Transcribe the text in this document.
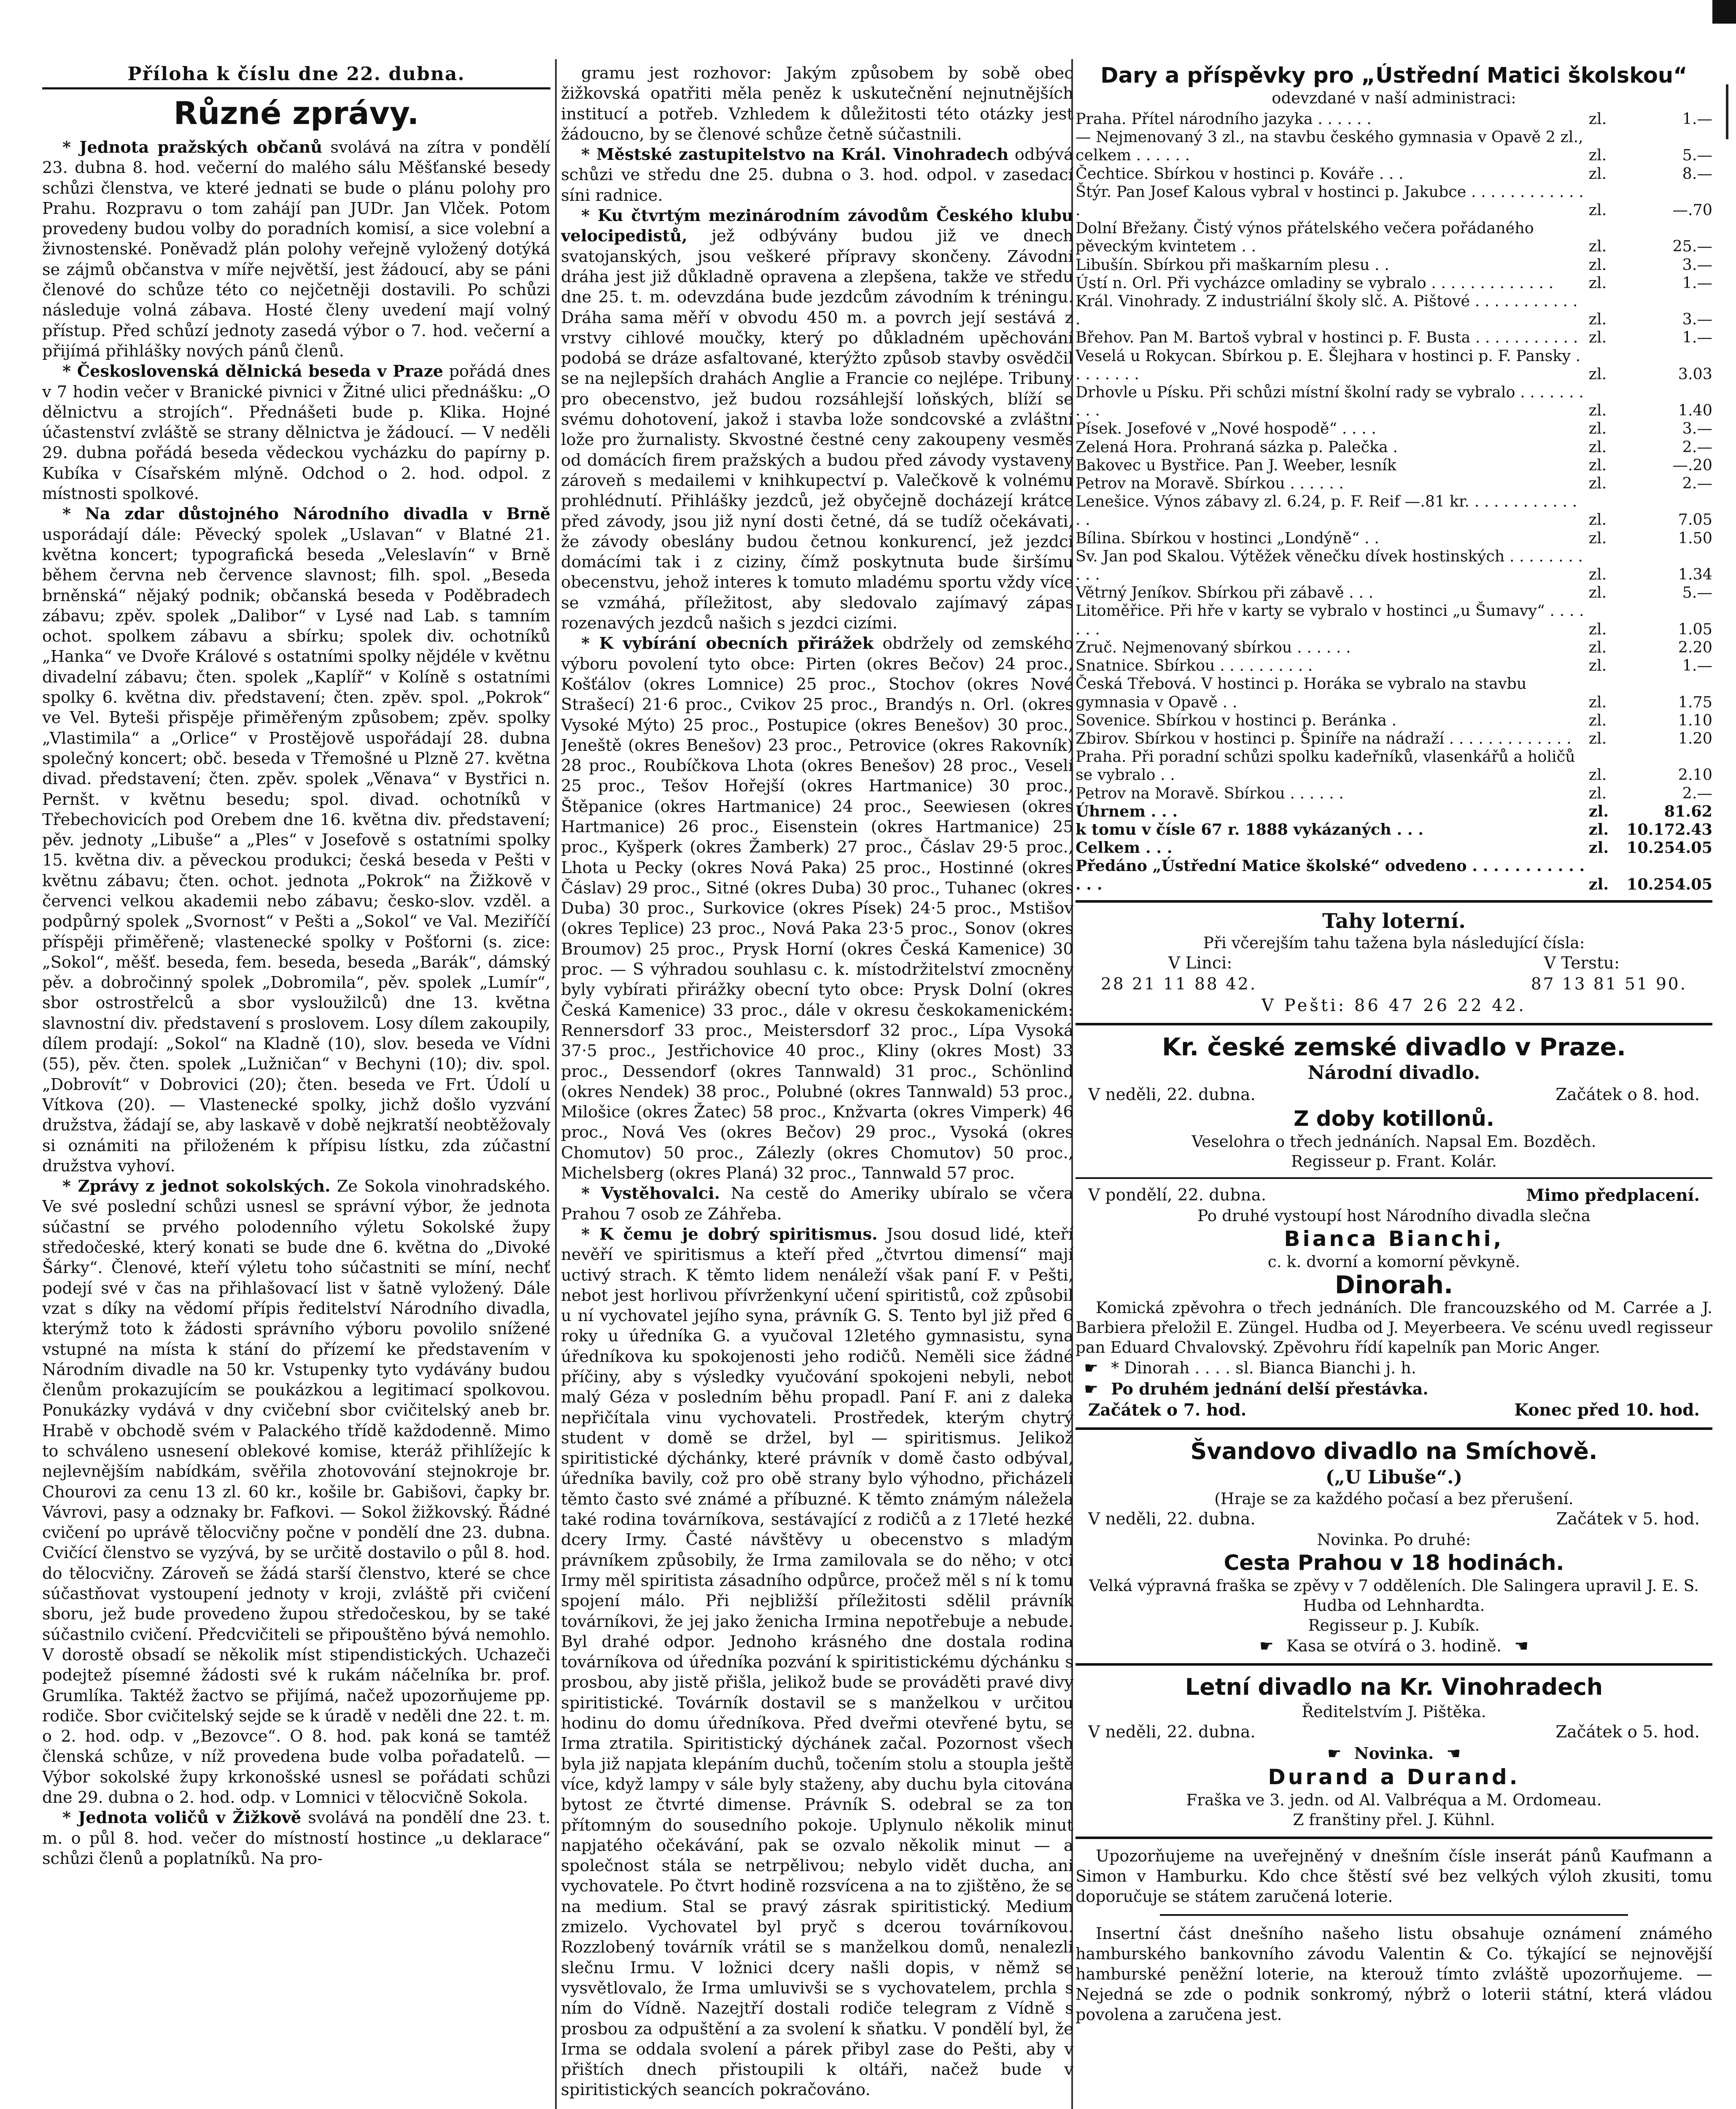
Příloha k číslu dne 22. dubna.
Různé zprávy.

* Jednota pražských občanů svolává na zítra v pondělí 23. dubna 8. hod. večerní do malého sálu Měšťanské besedy schůzi členstva, ve které jednati se bude o plánu polohy pro Prahu. Rozpravu o tom zahájí pan JUDr. Jan Vlček. Potom provedeny budou volby do poradních komisí, a sice volební a živnostenské. Poněvadž plán polohy veřejně vyložený dotýká se zájmů občanstva v míře největší, jest žádoucí, aby se páni členové do schůze této co nejčetněji dostavili. Po schůzi následuje volná zábava. Hosté členy uvedení mají volný přístup. Před schůzí jednoty zasedá výbor o 7. hod. večerní a přijímá přihlášky nových pánů členů.

* Československá dělnická beseda v Praze pořádá dnes v 7 hodin večer v Branické pivnici v Žitné ulici přednášku: „O dělnictvu a strojích“. Přednášeti bude p. Klika. Hojné účastenství zvláště se strany dělnictva je žádoucí. — V neděli 29. dubna pořádá beseda vědeckou vycházku do papírny p. Kubíka v Císařském mlýně. Odchod o 2. hod. odpol. z místnosti spolkové.

* Na zdar důstojného Národního divadla v Brně usporádají dále: Pěvecký spolek „Uslavan“ v Blatné 21. května koncert; typografická beseda „Veleslavín“ v Brně během června neb července slavnost; filh. spol. „Beseda brněnská“ nějaký podnik; občanská beseda v Poděbradech zábavu; zpěv. spolek „Dalibor“ v Lysé nad Lab. s tamním ochot. spolkem zábavu a sbírku; spolek div. ochotníků „Hanka“ ve Dvoře Králové s ostatními spolky nějdéle v květnu divadelní zábavu; čten. spolek „Kaplíř“ v Kolíně s ostatními spolky 6. května div. představení; čten. zpěv. spol. „Pokrok“ ve Vel. Byteši přispěje přiměřeným způsobem; zpěv. spolky „Vlastimila“ a „Orlice“ v Prostějově uspořádají 28. dubna společný koncert; obč. beseda v Třemošné u Plzně 27. května divad. představení; čten. zpěv. spolek „Věnava“ v Bystřici n. Pernšt. v květnu besedu; spol. divad. ochotníků v Třebechovicích pod Orebem dne 16. května div. představení; pěv. jednoty „Libuše“ a „Ples“ v Josefově s ostatními spolky 15. května div. a pěveckou produkci; česká beseda v Pešti v květnu zábavu; čten. ochot. jednota „Pokrok“ na Žižkově v červenci velkou akademii nebo zábavu; česko-slov. vzděl. a podpůrný spolek „Svornost“ v Pešti a „Sokol“ ve Val. Meziříčí příspěji přiměřeně; vlastenecké spolky v Pošťorni (s. zice: „Sokol“, měšť. beseda, fem. beseda, beseda „Barák“, dámský pěv. a dobročinný spolek „Dobromila“, pěv. spolek „Lumír“, sbor ostrostřelců a sbor vysloužilců) dne 13. května slavnostní div. představení s proslovem. Losy dílem zakoupily, dílem prodají: „Sokol“ na Kladně (10), slov. beseda ve Vídni (55), pěv. čten. spolek „Lužničan“ v Bechyni (10); div. spol. „Dobrovít“ v Dobrovici (20); čten. beseda ve Frt. Údolí u Vítkova (20). — Vlastenecké spolky, jichž došlo vyzvání družstva, žádají se, aby laskavě v době nejkratší neobtěžovaly si oznámiti na přiloženém k přípisu lístku, zda zúčastní družstva vyhoví.

* Zprávy z jednot sokolských. Ze Sokola vinohradského. Ve své poslední schůzi usnesl se správní výbor, že jednota súčastní se prvého polodenního výletu Sokolské župy středočeské, který konati se bude dne 6. května do „Divoké Šárky“. Členové, kteří výletu toho súčastniti se míní, nechť podejí své v čas na přihlašovací list v šatně vyložený. Dále vzat s díky na vědomí přípis ředitelství Národního divadla, kterýmž toto k žádosti správního výboru povolilo snížené vstupné na místa k stání do přízemí ke představením v Národním divadle na 50 kr. Vstupenky tyto vydávány budou členům prokazujícím se poukázkou a legitimací spolkovou. Ponukázky vydává v dny cvičební sbor cvičitelský aneb br. Hrabě v obchodě svém v Palackého třídě každodenně. Mimo to schváleno usnesení oblekové komise, kteráž přihlížejíc k nejlevnějším nabídkám, svěřila zhotovování stejnokroje br. Chourovi za cenu 13 zl. 60 kr., košile br. Gabišovi, čapky br. Vávrovi, pasy a odznaky br. Fafkovi. — Sokol žižkovský. Řádné cvičení po uprávě tělocvičny počne v pondělí dne 23. dubna. Cvičící členstvo se vyzývá, by se určitě dostavilo o půl 8. hod. do tělocvičny. Zároveň se žádá starší členstvo, které se chce súčastňovat vystoupení jednoty v kroji, zvláště při cvičení sboru, jež bude provedeno župou středočeskou, by se také súčastnilo cvičení. Předcvičiteli se připouštěno bývá nemohlo. V dorostě obsadí se několik míst stipendistických. Uchazeči podejtež písemné žádosti své k rukám náčelníka br. prof. Grumlíka. Taktéž žactvo se přijímá, načež upozorňujeme pp. rodiče. Sbor cvičitelský sejde se k úradě v neděli dne 22. t. m. o 2. hod. odp. v „Bezovce“. O 8. hod. pak koná se tamtéž členská schůze, v níž provedena bude volba pořadatelů. — Výbor sokolské župy krkonošské usnesl se pořádati schůzi dne 29. dubna o 2. hod. odp. v Lomnici v tělocvičně Sokola.

* Jednota voličů v Žižkově svolává na pondělí dne 23. t. m. o půl 8. hod. večer do místností hostince „u deklarace“ schůzi členů a poplatníků. Na pro-

gramu jest rozhovor: Jakým způsobem by sobě obec žižkovská opatřiti měla peněz k uskutečnění nejnutnějších institucí a potřeb. Vzhledem k důležitosti této otázky jest žádoucno, by se členové schůze četně súčastnili.

* Městské zastupitelstvo na Král. Vinohradech odbývá schůzi ve středu dne 25. dubna o 3. hod. odpol. v zasedací síni radnice.

* Ku čtvrtým mezinárodním závodům Českého klubu velocipedistů, jež odbývány budou již ve dnech svatojanských, jsou veškeré přípravy skončeny. Závodní dráha jest již důkladně opravena a zlepšena, takže ve středu dne 25. t. m. odevzdána bude jezdcům závodním k tréningu. Dráha sama měří v obvodu 450 m. a povrch její sestává z vrstvy cihlové moučky, který po důkladném upěchování podobá se dráze asfaltované, kterýžto způsob stavby osvědčil se na nejlepších drahách Anglie a Francie co nejlépe. Tribuny pro obecenstvo, jež budou rozsáhlejší loňských, blíží se svému dohotovení, jakož i stavba lože sondcovské a zvláštní lože pro žurnalisty. Skvostné čestné ceny zakoupeny vesměs od domácích firem pražských a budou před závody vystaveny zároveň s medailemi v knihkupectví p. Valečkově k volnému prohlédnutí. Přihlášky jezdců, jež obyčejně docházejí krátce před závody, jsou již nyní dosti četné, dá se tudíž očekávati, že závody obeslány budou četnou konkurencí, jež jezdci domácími tak i z ciziny, čímž poskytnuta bude širšímu obecenstvu, jehož interes k tomuto mladému sportu vždy více se vzmáhá, příležitost, aby sledovalo zajímavý zápas rozenavých jezdců našich s jezdci cizími.

* K vybírání obecních přirážek obdržely od zemského výboru povolení tyto obce: Pirten (okres Bečov) 24 proc., Košťálov (okres Lomnice) 25 proc., Stochov (okres Nové Strašecí) 21·6 proc., Cvikov 25 proc., Brandýs n. Orl. (okres Vysoké Mýto) 25 proc., Postupice (okres Benešov) 30 proc., Jeneště (okres Benešov) 23 proc., Petrovice (okres Rakovník) 28 proc., Roubíčkova Lhota (okres Benešov) 28 proc., Veselí 25 proc., Tešov Hořejší (okres Hartmanice) 30 proc., Štěpanice (okres Hartmanice) 24 proc., Seewiesen (okres Hartmanice) 26 proc., Eisenstein (okres Hartmanice) 25 proc., Kyšperk (okres Žamberk) 27 proc., Čáslav 29·5 proc., Lhota u Pecky (okres Nová Paka) 25 proc., Hostinné (okres Čáslav) 29 proc., Sitné (okres Duba) 30 proc., Tuhanec (okres Duba) 30 proc., Surkovice (okres Písek) 24·5 proc., Mstišov (okres Teplice) 23 proc., Nová Paka 23·5 proc., Sonov (okres Broumov) 25 proc., Prysk Horní (okres Česká Kamenice) 30 proc. — S výhradou souhlasu c. k. místodržitelství zmocněny byly vybírati přirážky obecní tyto obce: Prysk Dolní (okres Česká Kamenice) 33 proc., dále v okresu českokamenickém: Rennersdorf 33 proc., Meistersdorf 32 proc., Lípa Vysoká 37·5 proc., Jestřichovice 40 proc., Kliny (okres Most) 33 proc., Dessendorf (okres Tannwald) 31 proc., Schönlind (okres Nendek) 38 proc., Polubné (okres Tannwald) 53 proc., Milošice (okres Žatec) 58 proc., Knžvarta (okres Vimperk) 46 proc., Nová Ves (okres Bečov) 29 proc., Vysoká (okres Chomutov) 50 proc., Zálezly (okres Chomutov) 50 proc., Michelsberg (okres Planá) 32 proc., Tannwald 57 proc.

* Vystěhovalci. Na cestě do Ameriky ubíralo se včera Prahou 7 osob ze Záhřeba.

* K čemu je dobrý spiritismus. Jsou dosud lidé, kteří nevěří ve spiritismus a kteří před „čtvrtou dimensí“ mají uctivý strach. K těmto lidem nenáleží však paní F. v Pešti, nebot jest horlivou přívrženkyní učení spiritistů, což způsobil u ní vychovatel jejího syna, právník G. S. Tento byl již před 6 roky u úředníka G. a vyučoval 12letého gymnasistu, syna úředníkova ku spokojenosti jeho rodičů. Neměli sice žádné příčiny, aby s výsledky vyučování spokojeni nebyli, nebot malý Géza v posledním běhu propadl. Paní F. ani z daleka nepřičítala vinu vychovateli. Prostředek, kterým chytrý student v domě se držel, byl — spiritismus. Jelikož spiritistické dýchánky, které právník v domě často odbýval, úředníka bavily, což pro obě strany bylo výhodno, přicházeli těmto často své známé a příbuzné. K těmto známým náležela také rodina továrníkova, sestávající z rodičů a z 17leté hezké dcery Irmy. Časté návštěvy u obecenstvo s mladým právníkem způsobily, že Irma zamilovala se do něho; v otci Irmy měl spiritista zásadního odpůrce, pročež měl s ní k tomu spojení málo. Při nejbližší příležitosti sdělil právník továrníkovi, že jej jako ženicha Irmina nepotřebuje a nebude. Byl drahé odpor. Jednoho krásného dne dostala rodina továrníkova od úředníka pozvání k spiritistickému dýchánku s prosbou, aby jistě přišla, jelikož bude se prováděti pravé divy spiritistické. Továrník dostavil se s manželkou v určitou hodinu do domu úředníkova. Před dveřmi otevřené bytu, se Irma ztratila. Spiritistický dýchánek začal. Pozornost všech byla již napjata klepáním duchů, točením stolu a stoupla ještě více, když lampy v sále byly staženy, aby duchu byla citována bytost ze čtvrté dimense. Právník S. odebral se za ton přítomným do sousedního pokoje. Uplynulo několik minut napjatého očekávání, pak se ozvalo několik minut — a společnost stála se netrpělivou; nebylo vidět ducha, ani vychovatele. Po čtvrt hodině rozsvícena a na to zjištěno, že se na medium. Stal se pravý zásrak spiritistický. Medium zmizelo. Vychovatel byl pryč s dcerou továrníkovou. Rozzlobený továrník vrátil se s manželkou domů, nenalezli slečnu Irmu. V ložnici dcery našli dopis, v němž se vysvětlovalo, že Irma umluvivši se s vychovatelem, prchla s ním do Vídně. Nazejtří dostali rodiče telegram z Vídně s prosbou za odpuštění a za svolení k sňatku. V pondělí byl, že Irma se oddala svolení a párek přibyl zase do Pešti, aby v přištích dnech přistoupili k oltáři, načež bude v spiritistických seancích pokračováno.

Dary a příspěvky pro „Ústřední Matici školskou“
odevzdané v naší administraci:
Praha. Přítel národního jazyka . . . . . .	zl.	1.—
— Nejmenovaný 3 zl., na stavbu českého gymnasia v Opavě 2 zl., celkem . . . . . .	zl.	5.—
Čechtice. Sbírkou v hostinci p. Kováře . . .	zl.	8.—
Štýr. Pan Josef Kalous vybral v hostinci p. Jakubce . . . . . . . . . . . . .	zl.	—.70
Dolní Břežany. Čistý výnos přátelského večera pořádaného pěveckým kvintetem . .	zl.	25.—
Libušín. Sbírkou při maškarním plesu . .	zl.	3.—
Ústí n. Orl. Při vycházce omladiny se vybralo . . . . . . . . . . . . .	zl.	1.—
Král. Vinohrady. Z industriální školy slč. A. Pištové . . . . . . . . . . . .	zl.	3.—
Břehov. Pan M. Bartoš vybral v hostinci p. F. Busta . . . . . . . . . . .	zl.	1.—
Veselá u Rokycan. Sbírkou p. E. Šlejhara v hostinci p. F. Pansky . . . . . . . .	zl.	3.03
Drhovle u Písku. Při schůzi místní školní rady se vybralo . . . . . . . . . .	zl.	1.40
Písek. Josefové v „Nové hospodě“ . . . .	zl.	3.—
Zelená Hora. Prohraná sázka p. Palečka .	zl.	2.—
Bakovec u Bystřice. Pan J. Weeber, lesník	zl.	—.20
Petrov na Moravě. Sbírkou . . . . . .	zl.	2.—
Lenešice. Výnos zábavy zl. 6.24, p. F. Reif —.81 kr. . . . . . . . . . . . . .	zl.	7.05
Bílina. Sbírkou v hostinci „Londýně“ . .	zl.	1.50
Sv. Jan pod Skalou. Výtěžek věnečku dívek hostinských . . . . . . . . . . .	zl.	1.34
Větrný Jeníkov. Sbírkou při zábavě . . .	zl.	5.—
Litoměřice. Při hře v karty se vybralo v hostinci „u Šumavy“ . . . . . . .	zl.	1.05
Zruč. Nejmenovaný sbírkou . . . . . .	zl.	2.20
Snatnice. Sbírkou . . . . . . . . . .	zl.	1.—
Česká Třebová. V hostinci p. Horáka se vybralo na stavbu gymnasia v Opavě . .	zl.	1.75
Sovenice. Sbírkou v hostinci p. Beránka .	zl.	1.10
Zbirov. Sbírkou v hostinci p. Špiníře na nádraží . . . . . . . . . . . . .	zl.	1.20
Praha. Při poradní schůzi spolku kadeřníků, vlasenkářů a holičů se vybralo . .	zl.	2.10
Petrov na Moravě. Sbírkou . . . . . .	zl.	2.—
Úhrnem . . .	zl.	81.62
k tomu v čísle 67 r. 1888 vykázaných . . .	zl.	10.172.43
Celkem . . .	zl.	10.254.05
Předáno „Ústřední Matice školské“ odvedeno . . . . . . . . . . . . . .	zl.	10.254.05
Tahy loterní.
Při včerejším tahu tažena byla následující čísla:
V Linci:	V Terstu:
28 21 11 88 42.	87 13 81 51 90.
V Pešti: 86 47 26 22 42.
Kr. české zemské divadlo v Praze.
Národní divadlo.
V neděli, 22. dubna.	Začátek o 8. hod.
Z doby kotillonů.
Veselohra o třech jednáních. Napsal Em. Bozděch.
Regisseur p. Frant. Kolár.
V pondělí, 22. dubna.	Mimo předplacení.
Po druhé vystoupí host Národního divadla slečna
Bianca Bianchi,
c. k. dvorní a komorní pěvkyně.
Dinorah.
Komická zpěvohra o třech jednáních. Dle francouzského od M. Carrée a J. Barbiera přeložil E. Züngel. Hudba od J. Meyerbeera. Ve scénu uvedl regisseur pan Eduard Chvalovský. Zpěvohru řídí kapelník pan Moric Anger.
☛ * Dinorah . . . . sl. Bianca Bianchi j. h.
☛ Po druhém jednání delší přestávka.
Začátek o 7. hod.	Konec před 10. hod.
Švandovo divadlo na Smíchově.
(„U Libuše“.)
(Hraje se za každého počasí a bez přerušení.
V neděli, 22. dubna.	Začátek v 5. hod.
Novinka. Po druhé:
Cesta Prahou v 18 hodinách.
Velká výpravná fraška se zpěvy v 7 odděleních. Dle Salingera upravil J. E. S. Hudba od Lehnhardta.
Regisseur p. J. Kubík.
☛ Kasa se otvírá o 3. hodině. ☚
Letní divadlo na Kr. Vinohradech
Ředitelstvím J. Pištěka.
V neděli, 22. dubna.	Začátek o 5. hod.
☛ Novinka. ☚
Durand a Durand.
Fraška ve 3. jedn. od Al. Valbréqua a M. Ordomeau.
Z franštiny přel. J. Kühnl.

Upozorňujeme na uveřejněný v dnešním čísle inserát pánů Kaufmann a Simon v Hamburku. Kdo chce štěstí své bez velkých výloh zkusiti, tomu doporučuje se státem zaručená loterie.

Insertní část dnešního našeho listu obsahuje oznámení známého hamburského bankovního závodu Valentin & Co. týkající se nejnovější hamburské peněžní loterie, na kterouž tímto zvláště upozorňujeme. — Nejedná se zde o podnik sonkromý, nýbrž o loterii státní, která vládou povolena a zaručena jest.
